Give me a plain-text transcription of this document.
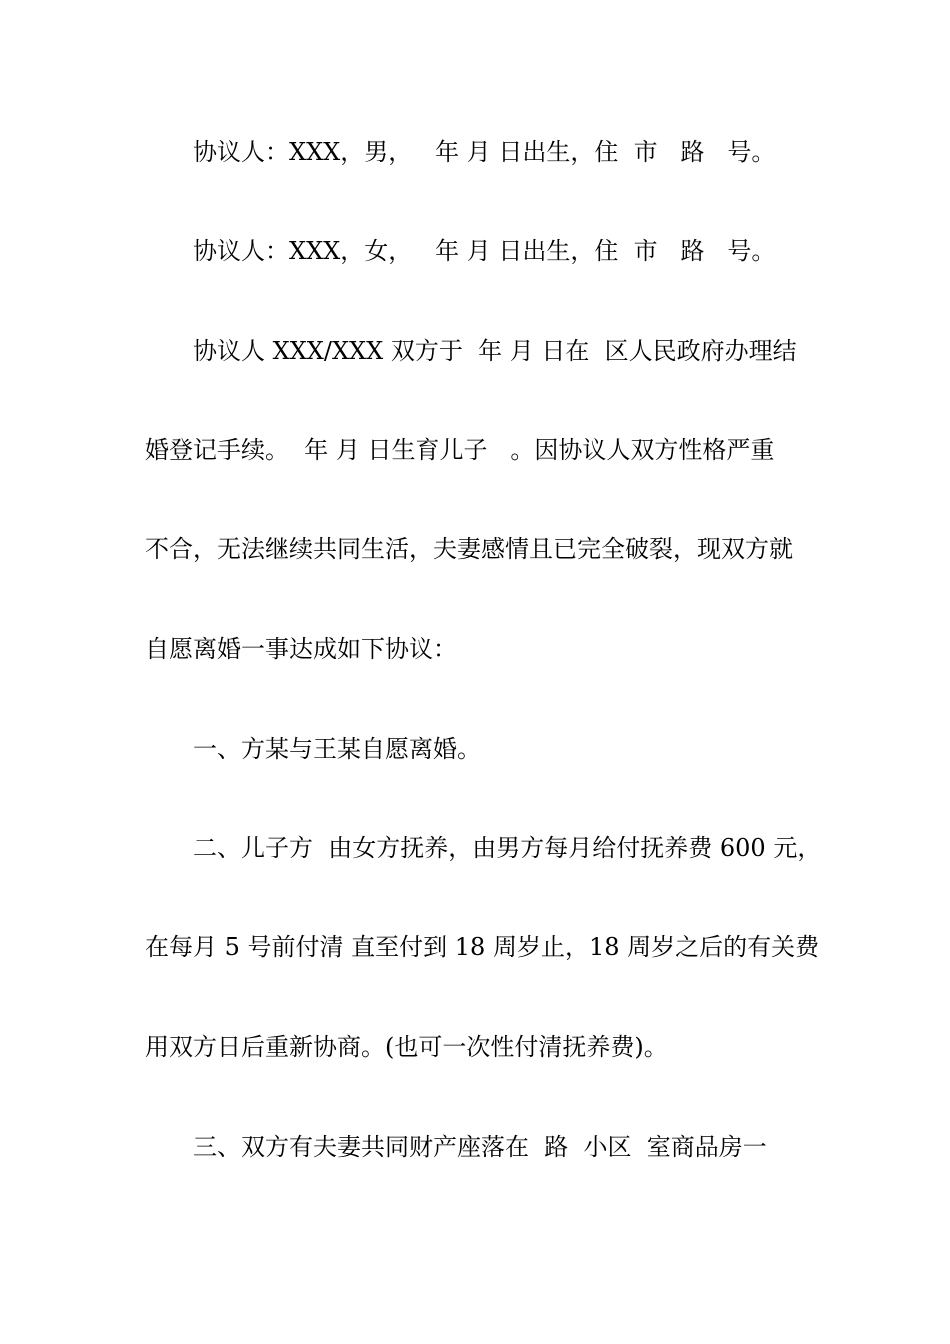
协议人：XXX，男，   年 月 日出生，住  市   路   号。
协议人：XXX，女，   年 月 日出生，住  市   路   号。
协议人 XXX/XXX 双方于  年 月 日在  区人民政府办理结
婚登记手续。  年 月 日生育儿子   。因协议人双方性格严重
不合，无法继续共同生活，夫妻感情且已完全破裂，现双方就
自愿离婚一事达成如下协议：
一、方某与王某自愿离婚。
二、儿子方  由女方抚养，由男方每月给付抚养费 600 元，
在每月 5 号前付清 直至付到 18 周岁止，18 周岁之后的有关费
用双方日后重新协商。(也可一次性付清抚养费)。
三、双方有夫妻共同财产座落在  路  小区  室商品房一
